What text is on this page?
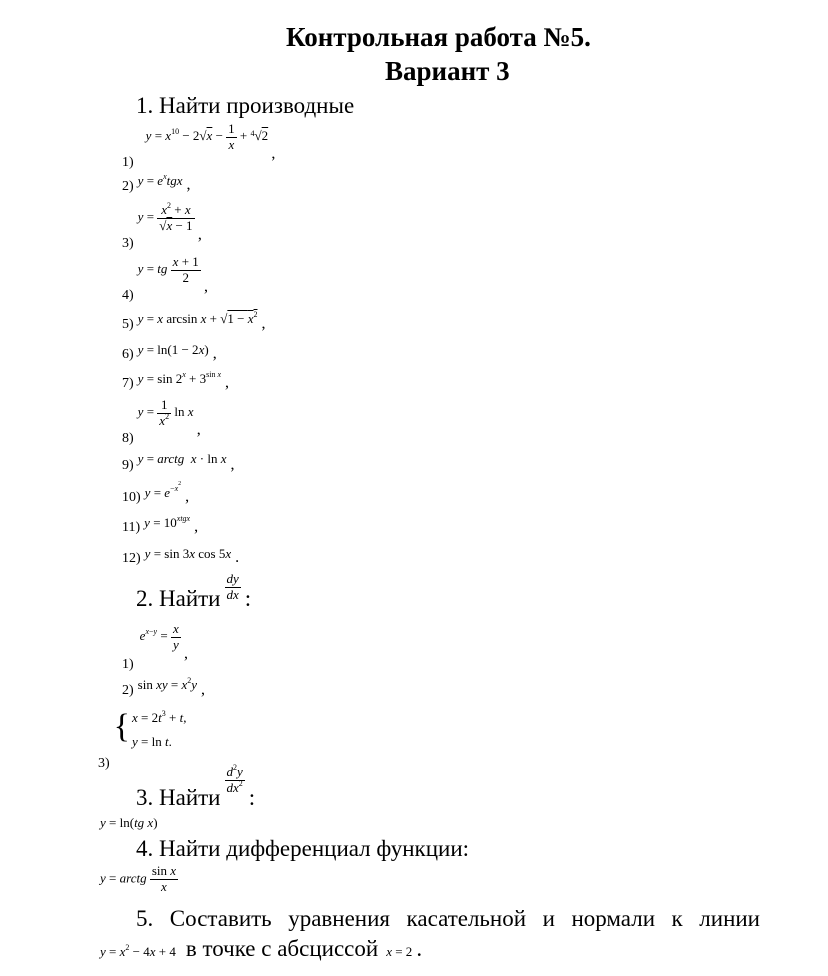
Контрольная работа №5.
Вариант 3
1. Найти производные
1) $y = x^{10} - 2√x - \frac{1}{x} + ^4√2$ ,
2) $y = e^xtgx$ ,
3) $y = \frac{x^2 + x}{√x - 1}$
,
4) y = tg $\frac{x + 1}{2}$
,
5) y = x $\arcsin x + √1 - x^2$ ,
6) y = ln(1 − 2x) ,
7) $y = \sin 2^x + 3^{sin x}$ ,
8) $y = \frac{1}{x^2}$ ln x ,
9) y = arctg x · ln x ,
10) $y = e^{-x^2}$ ,
11) $y = 10^{xtgx}$ ,
12) y = sin 3x cos 5x .
2. Найти $\frac{dy}{dx}$ :
1) $e^{x-y} = \frac{x}{y}$
,
2) sin xy = $x^2y$ ,
3) { $x = 2t^3 + t$,
y = ln t.
3. Найти
$\frac{d^2y}{dx^2}$
:
y = ln(tg x)
4. Найти дифференциал функции:
y = arctg $\frac{\text{sin x}}{x}$
5. Составить уравнения касательной и нормали к линии
$y = x^2 - 4x + 4$ в точке с абсциссой x = 2 .
